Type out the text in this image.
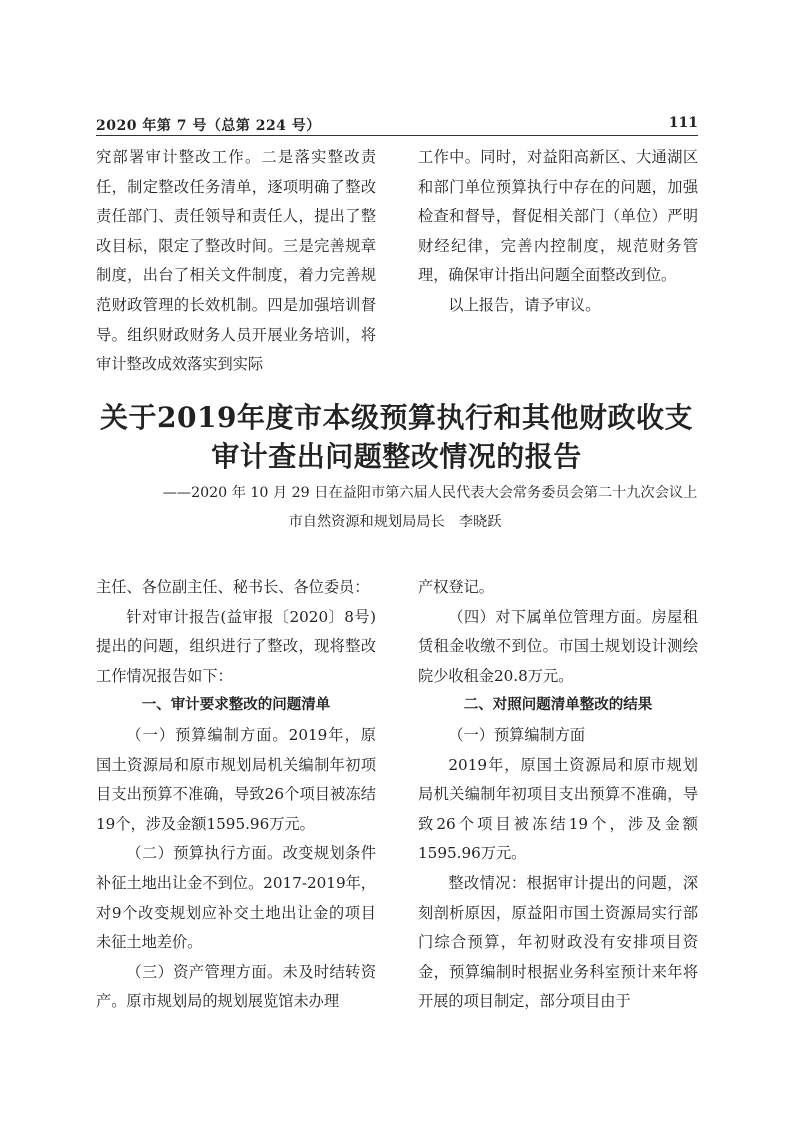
2020 年第 7 号（总第 224 号）	111

究部署审计整改工作。二是落实整改责任，制定整改任务清单，逐项明确了整改责任部门、责任领导和责任人，提出了整改目标，限定了整改时间。三是完善规章制度，出台了相关文件制度，着力完善规范财政管理的长效机制。四是加强培训督导。组织财政财务人员开展业务培训，将审计整改成效落实到实际

工作中。同时，对益阳高新区、大通湖区和部门单位预算执行中存在的问题，加强检查和督导，督促相关部门（单位）严明财经纪律，完善内控制度，规范财务管理，确保审计指出问题全面整改到位。

以上报告，请予审议。

关于2019年度市本级预算执行和其他财政收支
审计查出问题整改情况的报告
——2020 年 10 月 29 日在益阳市第六届人民代表大会常务委员会第二十九次会议上
市自然资源和规划局局长　李晓跃

主任、各位副主任、秘书长、各位委员：

针对审计报告(益审报〔2020〕8号)提出的问题，组织进行了整改，现将整改工作情况报告如下：

一、审计要求整改的问题清单

（一）预算编制方面。2019年，原国土资源局和原市规划局机关编制年初项目支出预算不准确，导致26个项目被冻结19个，涉及金额1595.96万元。

（二）预算执行方面。改变规划条件补征土地出让金不到位。2017-2019年，对9个改变规划应补交土地出让金的项目未征土地差价。

（三）资产管理方面。未及时结转资产。原市规划局的规划展览馆未办理

产权登记。

（四）对下属单位管理方面。房屋租赁租金收缴不到位。市国土规划设计测绘院少收租金20.8万元。

二、对照问题清单整改的结果

（一）预算编制方面

2019年，原国土资源局和原市规划局机关编制年初项目支出预算不准确，导致26个项目被冻结19个，涉及金额1595.96万元。

整改情况：根据审计提出的问题，深刻剖析原因，原益阳市国土资源局实行部门综合预算，年初财政没有安排项目资金，预算编制时根据业务科室预计来年将开展的项目制定，部分项目由于
